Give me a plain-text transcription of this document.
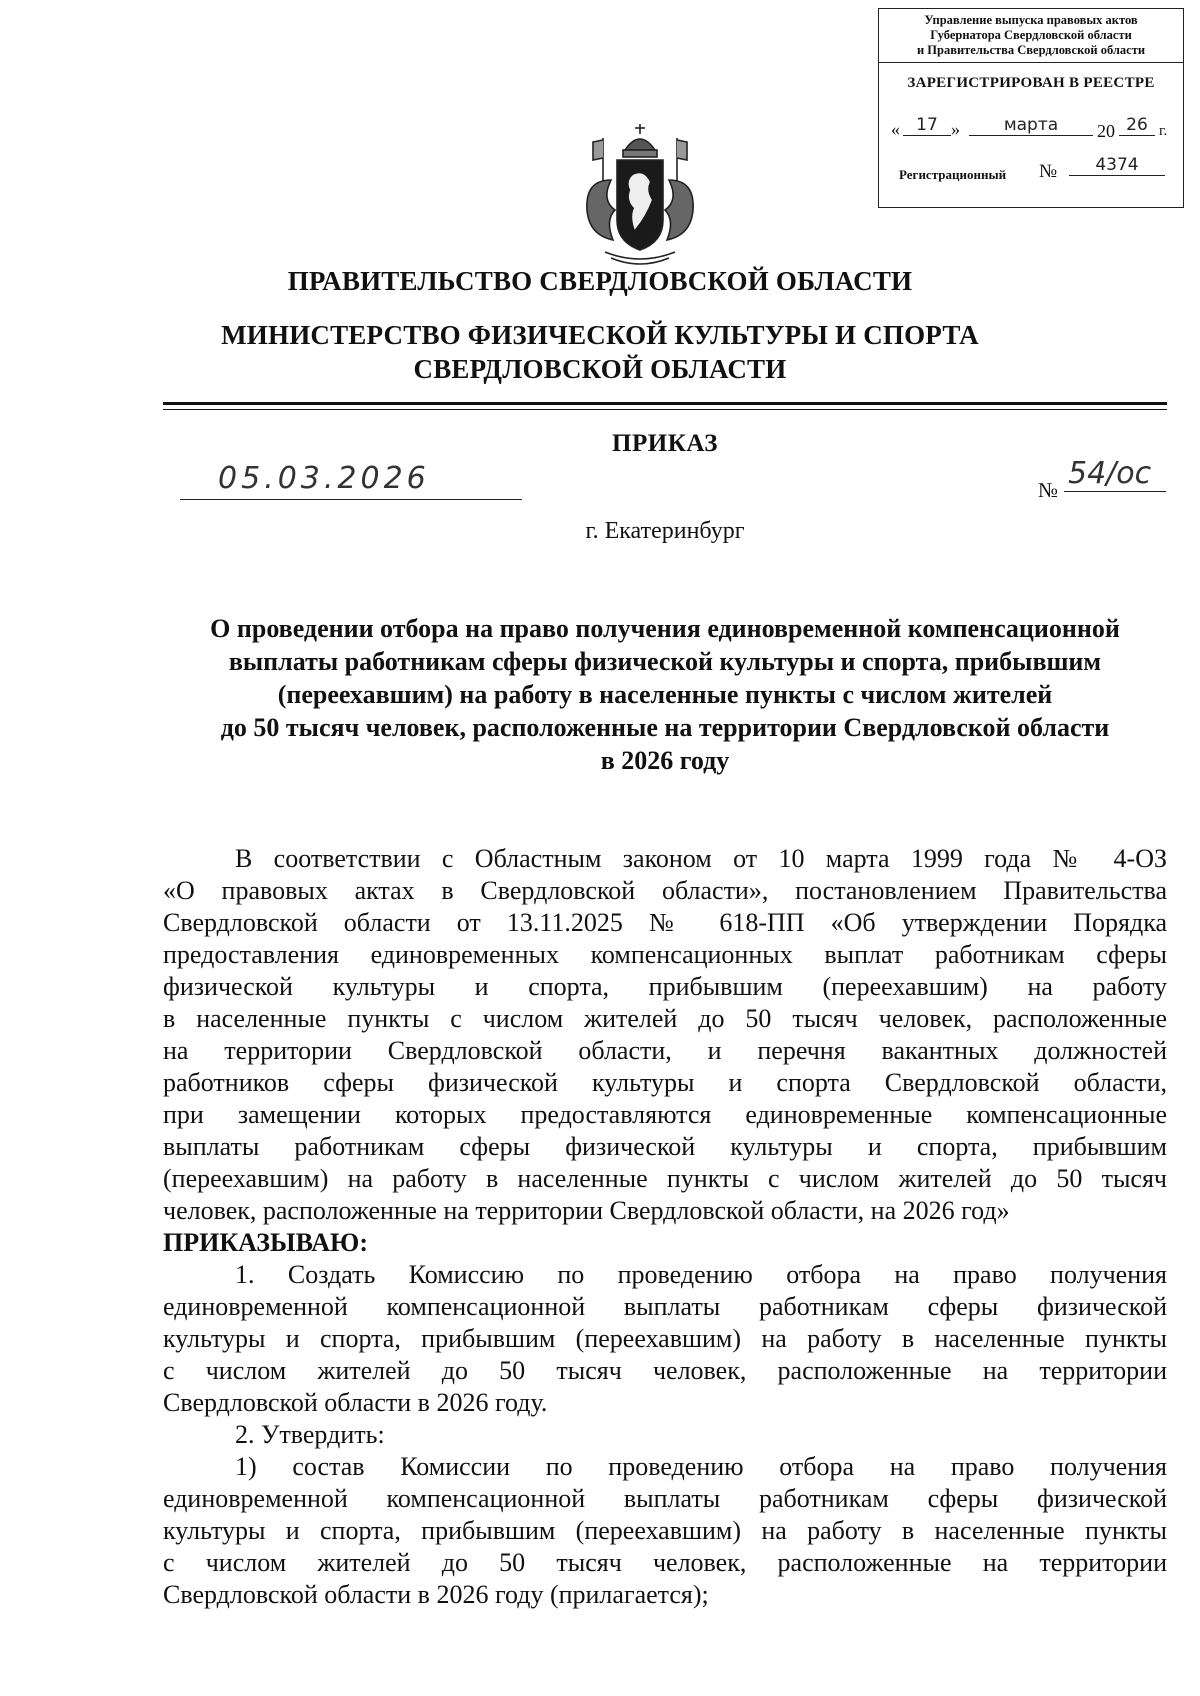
Управление выпуска правовых актов
Губернатора Свердловской области
и Правительства Свердловской области
ЗАРЕГИСТРИРОВАН В РЕЕСТРЕ
« 17 »	марта	20 26 г.
Регистрационный №	4374
ПРАВИТЕЛЬСТВО СВЕРДЛОВСКОЙ ОБЛАСТИ
МИНИСТЕРСТВО ФИЗИЧЕСКОЙ КУЛЬТУРЫ И СПОРТА
СВЕРДЛОВСКОЙ ОБЛАСТИ
ПРИКАЗ
05.03.2026	№ 54/ос
г. Екатеринбург
О проведении отбора на право получения единовременной компенсационной
выплаты работникам сферы физической культуры и спорта, прибывшим
(переехавшим) на работу в населенные пункты с числом жителей
до 50 тысяч человек, расположенные на территории Свердловской области
в 2026 году
В соответствии с Областным законом от 10 марта 1999 года № 4-ОЗ
«О правовых актах в Свердловской области», постановлением Правительства
Свердловской области от 13.11.2025 № 618-ПП «Об утверждении Порядка
предоставления единовременных компенсационных выплат работникам сферы
физической культуры и спорта, прибывшим (переехавшим) на работу
в населенные пункты с числом жителей до 50 тысяч человек, расположенные
на территории Свердловской области, и перечня вакантных должностей
работников сферы физической культуры и спорта Свердловской области,
при замещении которых предоставляются единовременные компенсационные
выплаты работникам сферы физической культуры и спорта, прибывшим
(переехавшим) на работу в населенные пункты с числом жителей до 50 тысяч
человек, расположенные на территории Свердловской области, на 2026 год»
ПРИКАЗЫВАЮ:
1. Создать Комиссию по проведению отбора на право получения
единовременной компенсационной выплаты работникам сферы физической
культуры и спорта, прибывшим (переехавшим) на работу в населенные пункты
с числом жителей до 50 тысяч человек, расположенные на территории
Свердловской области в 2026 году.
2. Утвердить:
1) состав Комиссии по проведению отбора на право получения
единовременной компенсационной выплаты работникам сферы физической
культуры и спорта, прибывшим (переехавшим) на работу в населенные пункты
с числом жителей до 50 тысяч человек, расположенные на территории
Свердловской области в 2026 году (прилагается);
